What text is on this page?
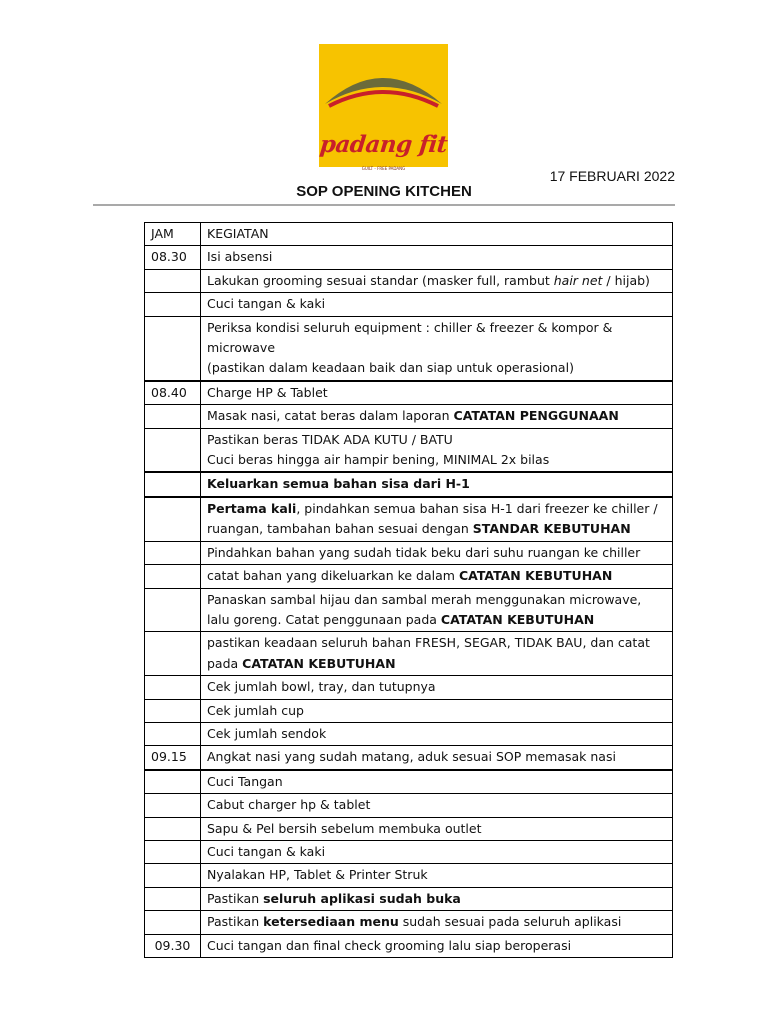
padang fit
GUILT - FREE PADANG	17 FEBRUARI 2022
SOP OPENING KITCHEN
JAM	KEGIATAN
08.30	Isi absensi
	Lakukan grooming sesuai standar (masker full, rambut hair net / hijab)
	Cuci tangan & kaki
	Periksa kondisi seluruh equipment : chiller & freezer & kompor & microwave
(pastikan dalam keadaan baik dan siap untuk operasional)
08.40	Charge HP & Tablet
	Masak nasi, catat beras dalam laporan CATATAN PENGGUNAAN
	Pastikan beras TIDAK ADA KUTU / BATU
Cuci beras hingga air hampir bening, MINIMAL 2x bilas
	Keluarkan semua bahan sisa dari H-1
	Pertama kali, pindahkan semua bahan sisa H-1 dari freezer ke chiller / ruangan, tambahan bahan sesuai dengan STANDAR KEBUTUHAN
	Pindahkan bahan yang sudah tidak beku dari suhu ruangan ke chiller
	catat bahan yang dikeluarkan ke dalam CATATAN KEBUTUHAN
	Panaskan sambal hijau dan sambal merah menggunakan microwave, lalu goreng. Catat penggunaan pada CATATAN KEBUTUHAN
	pastikan keadaan seluruh bahan FRESH, SEGAR, TIDAK BAU, dan catat pada CATATAN KEBUTUHAN
	Cek jumlah bowl, tray, dan tutupnya
	Cek jumlah cup
	Cek jumlah sendok
09.15	Angkat nasi yang sudah matang, aduk sesuai SOP memasak nasi
	Cuci Tangan
	Cabut charger hp & tablet
	Sapu & Pel bersih sebelum membuka outlet
	Cuci tangan & kaki
	Nyalakan HP, Tablet & Printer Struk
	Pastikan seluruh aplikasi sudah buka
	Pastikan ketersediaan menu sudah sesuai pada seluruh aplikasi
09.30	Cuci tangan dan final check grooming lalu siap beroperasi
